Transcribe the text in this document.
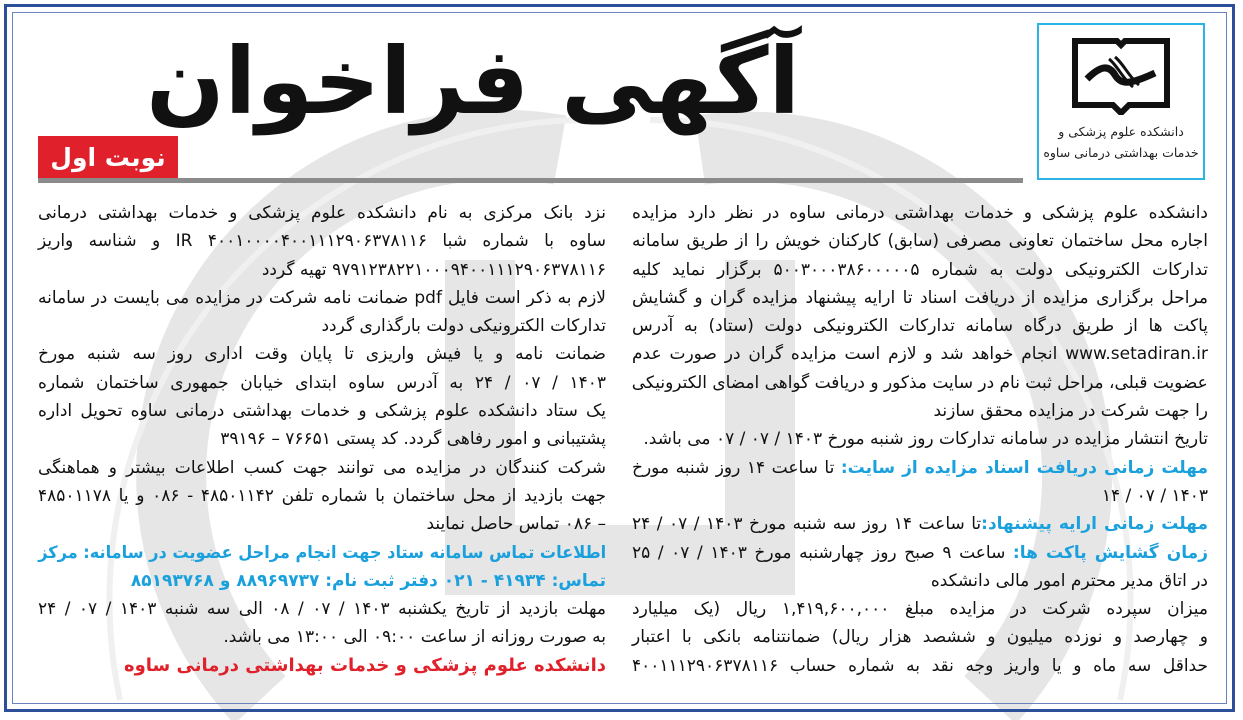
آگهی فراخوان
نوبت اول
دانشکده علوم پزشکی و
خدمات بهداشتی درمانی ساوه
دانشکده علوم پزشکی و خدمات بهداشتی درمانی ساوه در نظر دارد مزایده
اجاره محل ساختمان تعاونی مصرفی (سابق) کارکنان خویش را از طریق سامانه
تدارکات الکترونیکی دولت به شماره ۵۰۰۳۰۰۰۳۸۶۰۰۰۰۰۵ برگزار نماید کلیه
مراحل برگزاری مزایده از دریافت اسناد تا ارایه پیشنهاد مزایده گران و گشایش
پاکت ها از طریق درگاه سامانه تدارکات الکترونیکی دولت (ستاد) به آدرس
www.setadiran.ir انجام خواهد شد و لازم است مزایده گران در صورت عدم
عضویت قبلی، مراحل ثبت نام در سایت مذکور و دریافت گواهی امضای الکترونیکی
را جهت شرکت در مزایده محقق سازند
تاریخ انتشار مزایده در سامانه تدارکات روز شنبه مورخ ۱۴۰۳ / ۰۷ / ۰۷ می باشد.
مهلت زمانی دریافت اسناد مزایده از سایت: تا ساعت ۱۴ روز شنبه مورخ
۱۴۰۳ / ۰۷ / ۱۴
مهلت زمانی ارایه پیشنهاد:تا ساعت ۱۴ روز سه شنبه مورخ ۱۴۰۳ / ۰۷ / ۲۴
زمان گشایش پاکت ها: ساعت ۹ صبح روز چهارشنبه مورخ ۱۴۰۳ / ۰۷ / ۲۵
در اتاق مدیر محترم امور مالی دانشکده
میزان سپرده شرکت در مزایده مبلغ ۱,۴۱۹,۶۰۰,۰۰۰ ریال (یک میلیارد
و چهارصد و نوزده میلیون و ششصد هزار ریال) ضمانتنامه بانکی با اعتبار
حداقل سه ماه و یا واریز وجه نقد به شماره حساب ۴۰۰۱۱۱۲۹۰۶۳۷۸۱۱۶
نزد بانک مرکزی به نام دانشکده علوم پزشکی و خدمات بهداشتی درمانی
ساوه با شماره شبا IR ۴۰۰۱۰۰۰۰۴۰۰۱۱۱۲۹۰۶۳۷۸۱۱۶ و شناسه واریز
۹۷۹۱۲۳۸۲۲۱۰۰۰۹۴۰۰۱۱۱۲۹۰۶۳۷۸۱۱۶ تهیه گردد
لازم به ذکر است فایل pdf ضمانت نامه شرکت در مزایده می بایست در سامانه
تدارکات الکترونیکی دولت بارگذاری گردد
ضمانت نامه و یا فیش واریزی تا پایان وقت اداری روز سه شنبه مورخ
۱۴۰۳ / ۰۷ / ۲۴ به آدرس ساوه ابتدای خیابان جمهوری ساختمان شماره
یک ستاد دانشکده علوم پزشکی و خدمات بهداشتی درمانی ساوه تحویل اداره
پشتیبانی و امور رفاهی گردد. کد پستی ۷۶۶۵۱ – ۳۹۱۹۶
شرکت کنندگان در مزایده می توانند جهت کسب اطلاعات بیشتر و هماهنگی
جهت بازدید از محل ساختمان با شماره تلفن ۴۸۵۰۱۱۴۲ - ۰۸۶ و یا ۴۸۵۰۱۱۷۸
– ۰۸۶ تماس حاصل نمایند
اطلاعات تماس سامانه ستاد جهت انجام مراحل عضویت در سامانه: مرکز
تماس: ۴۱۹۳۴ - ۰۲۱ دفتر ثبت نام: ۸۸۹۶۹۷۳۷ و ۸۵۱۹۳۷۶۸
مهلت بازدید از تاریخ یکشنبه ۱۴۰۳ / ۰۷ / ۰۸ الی سه شنبه ۱۴۰۳ / ۰۷ / ۲۴
به صورت روزانه از ساعت ۰۹:۰۰ الی ۱۳:۰۰ می باشد.
دانشکده علوم پزشکی و خدمات بهداشتی درمانی ساوه
